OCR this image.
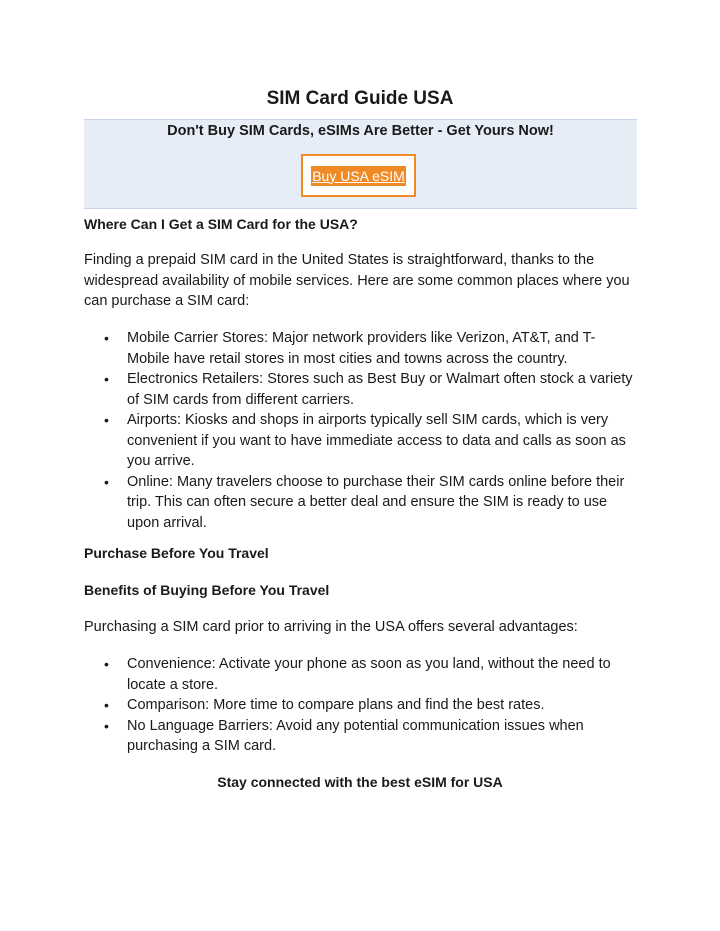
SIM Card Guide USA

Don't Buy SIM Cards, eSIMs Are Better - Get Yours Now!

Buy USA eSIM
Where Can I Get a SIM Card for the USA?

Finding a prepaid SIM card in the United States is straightforward, thanks to the widespread availability of mobile services. Here are some common places where you can purchase a SIM card:

• Mobile Carrier Stores: Major network providers like Verizon, AT&T, and T-Mobile have retail stores in most cities and towns across the country.
• Electronics Retailers: Stores such as Best Buy or Walmart often stock a variety of SIM cards from different carriers.
• Airports: Kiosks and shops in airports typically sell SIM cards, which is very convenient if you want to have immediate access to data and calls as soon as you arrive.
• Online: Many travelers choose to purchase their SIM cards online before their trip. This can often secure a better deal and ensure the SIM is ready to use upon arrival.
Purchase Before You Travel
Benefits of Buying Before You Travel

Purchasing a SIM card prior to arriving in the USA offers several advantages:

• Convenience: Activate your phone as soon as you land, without the need to locate a store.
• Comparison: More time to compare plans and find the best rates.
• No Language Barriers: Avoid any potential communication issues when purchasing a SIM card.

Stay connected with the best eSIM for USA
